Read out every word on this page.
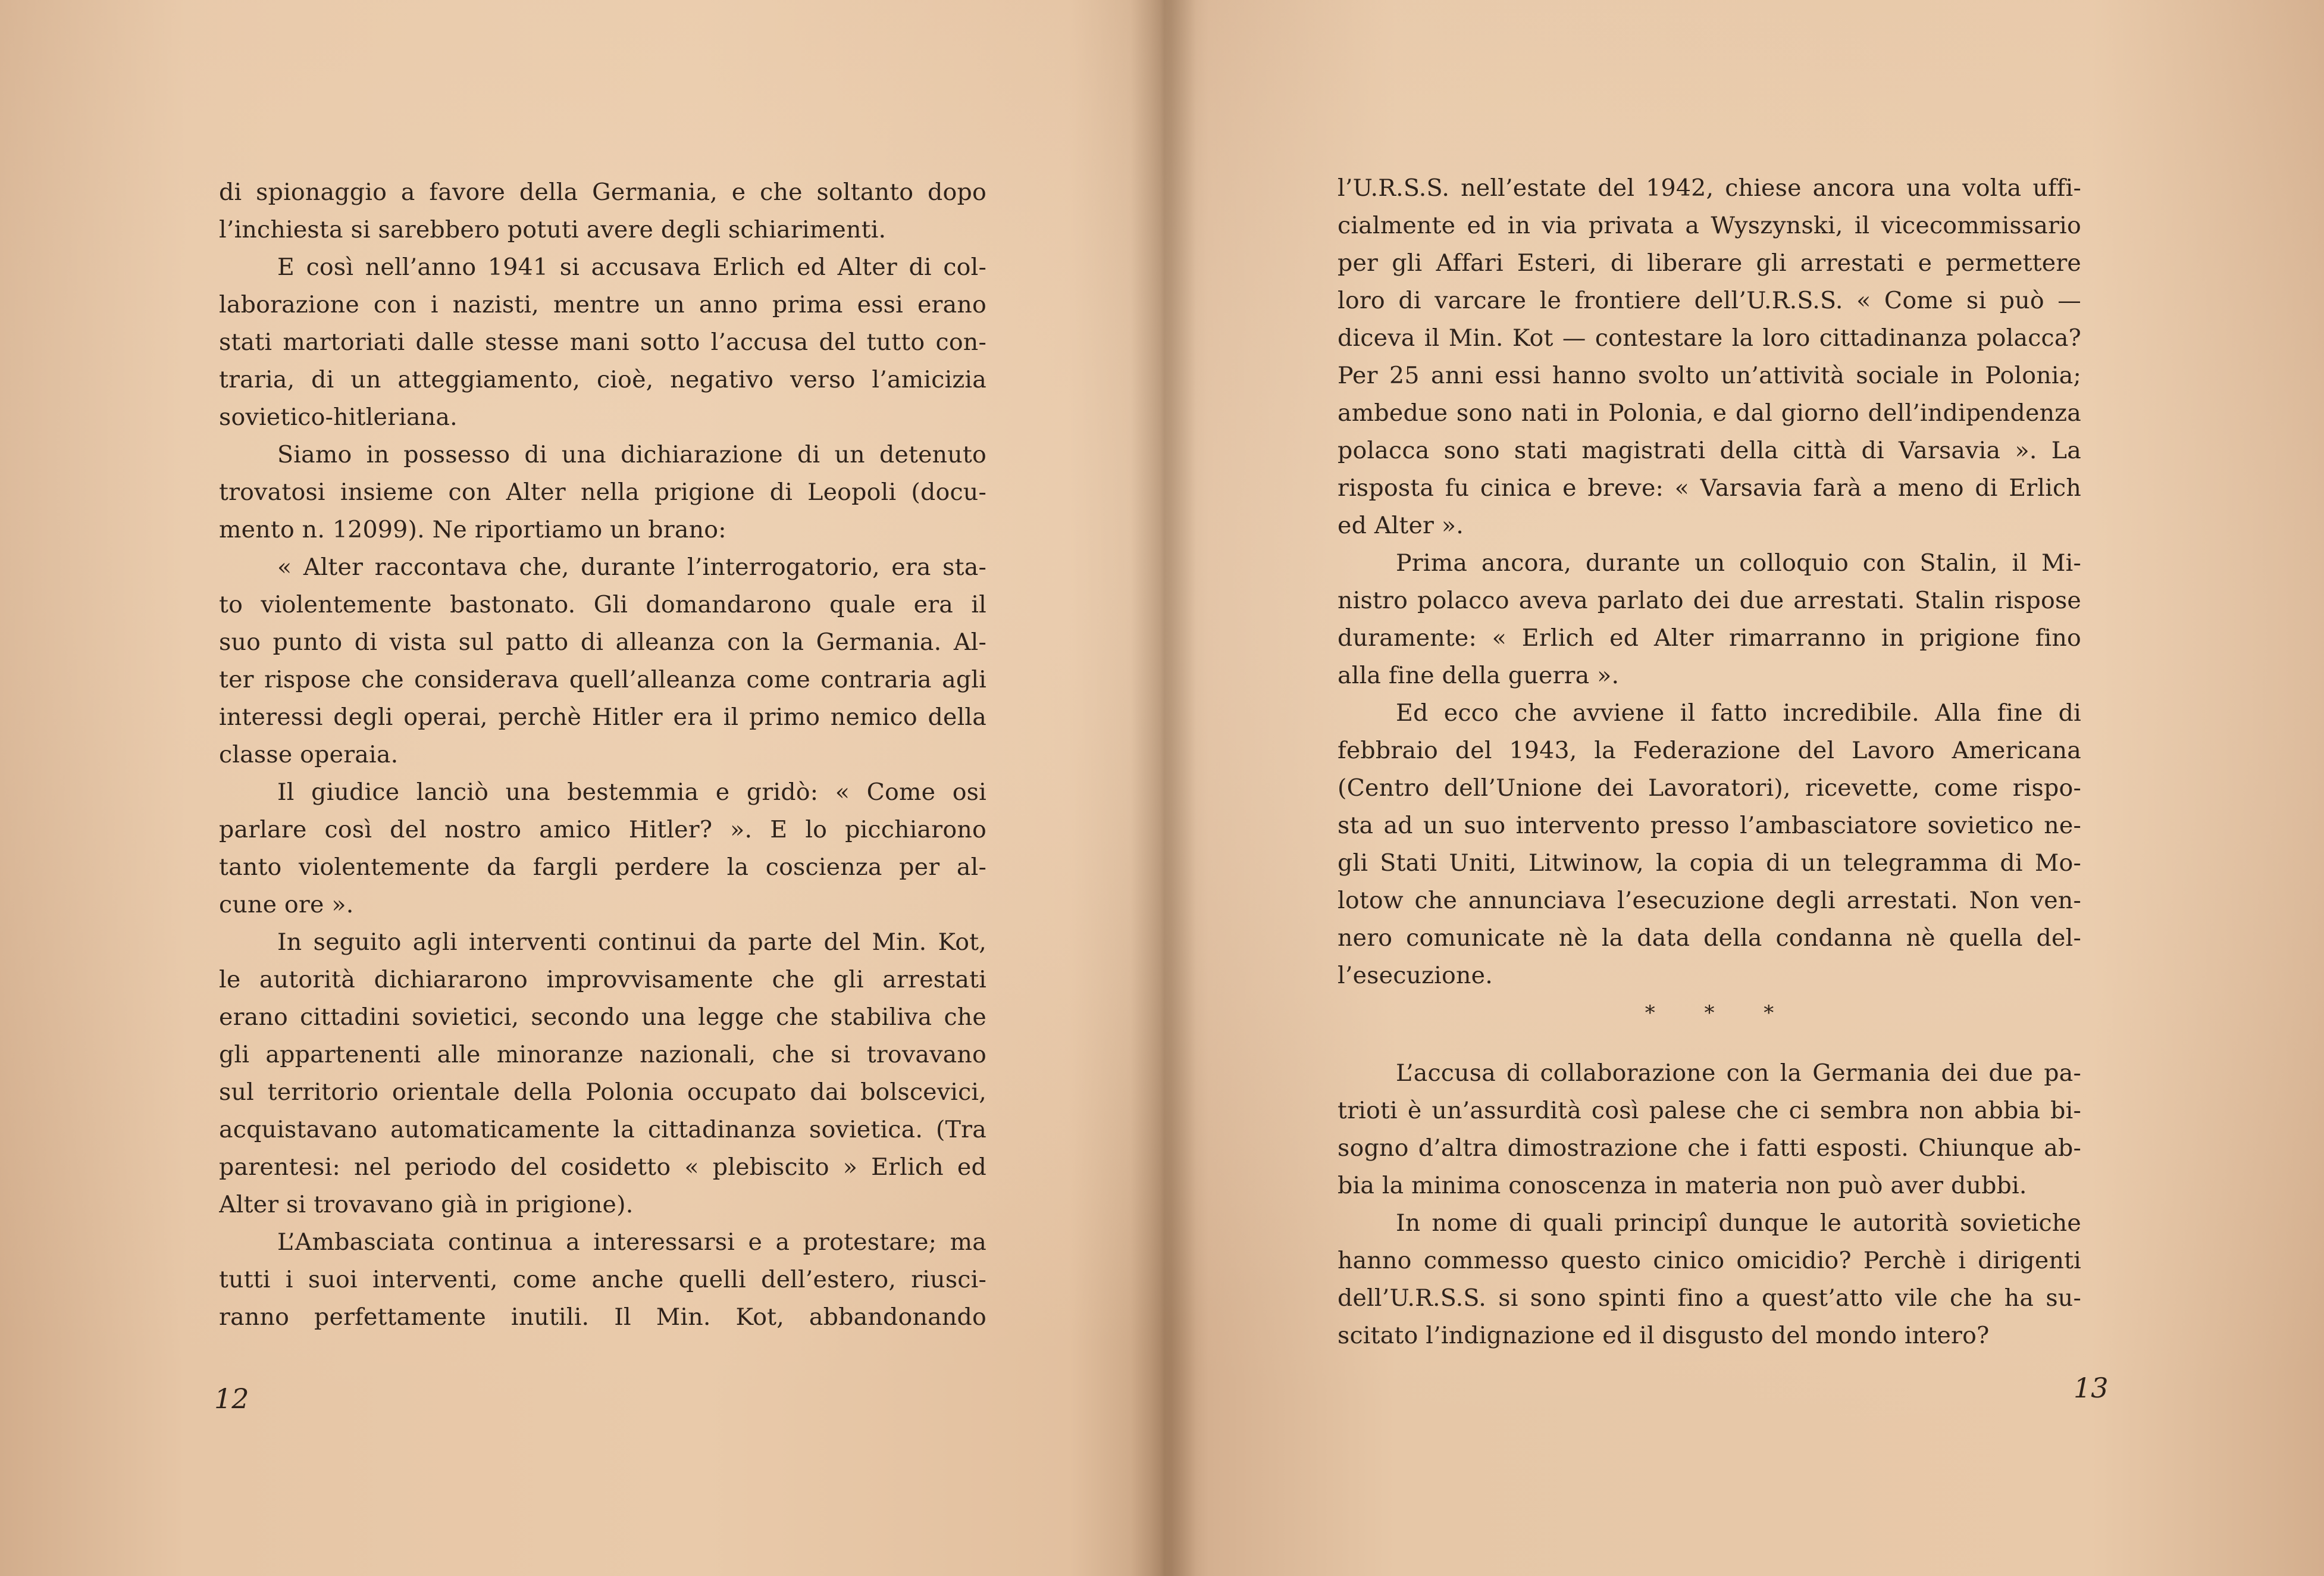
di spionaggio a favore della Germania, e che soltanto dopo
l’inchiesta si sarebbero potuti avere degli schiarimenti.
E così nell’anno 1941 si accusava Erlich ed Alter di col-
laborazione con i nazisti, mentre un anno prima essi erano
stati martoriati dalle stesse mani sotto l’accusa del tutto con-
traria, di un atteggiamento, cioè, negativo verso l’amicizia
sovietico-hitleriana.
Siamo in possesso di una dichiarazione di un detenuto
trovatosi insieme con Alter nella prigione di Leopoli (docu-
mento n. 12099). Ne riportiamo un brano:
« Alter raccontava che, durante l’interrogatorio, era sta-
to violentemente bastonato. Gli domandarono quale era il
suo punto di vista sul patto di alleanza con la Germania. Al-
ter rispose che considerava quell’alleanza come contraria agli
interessi degli operai, perchè Hitler era il primo nemico della
classe operaia.
Il giudice lanciò una bestemmia e gridò: « Come osi
parlare così del nostro amico Hitler? ». E lo picchiarono
tanto violentemente da fargli perdere la coscienza per al-
cune ore ».
In seguito agli interventi continui da parte del Min. Kot,
le autorità dichiararono improvvisamente che gli arrestati
erano cittadini sovietici, secondo una legge che stabiliva che
gli appartenenti alle minoranze nazionali, che si trovavano
sul territorio orientale della Polonia occupato dai bolscevici,
acquistavano automaticamente la cittadinanza sovietica. (Tra
parentesi: nel periodo del cosidetto « plebiscito » Erlich ed
Alter si trovavano già in prigione).
L’Ambasciata continua a interessarsi e a protestare; ma
tutti i suoi interventi, come anche quelli dell’estero, riusci-
ranno perfettamente inutili. Il Min. Kot, abbandonando
12
l’U.R.S.S. nell’estate del 1942, chiese ancora una volta uffi-
cialmente ed in via privata a Wyszynski, il vicecommissario
per gli Affari Esteri, di liberare gli arrestati e permettere
loro di varcare le frontiere dell’U.R.S.S. « Come si può —
diceva il Min. Kot — contestare la loro cittadinanza polacca?
Per 25 anni essi hanno svolto un’attività sociale in Polonia;
ambedue sono nati in Polonia, e dal giorno dell’indipendenza
polacca sono stati magistrati della città di Varsavia ». La
risposta fu cinica e breve: « Varsavia farà a meno di Erlich
ed Alter ».
Prima ancora, durante un colloquio con Stalin, il Mi-
nistro polacco aveva parlato dei due arrestati. Stalin rispose
duramente: « Erlich ed Alter rimarranno in prigione fino
alla fine della guerra ».
Ed ecco che avviene il fatto incredibile. Alla fine di
febbraio del 1943, la Federazione del Lavoro Americana
(Centro dell’Unione dei Lavoratori), ricevette, come rispo-
sta ad un suo intervento presso l’ambasciatore sovietico ne-
gli Stati Uniti, Litwinow, la copia di un telegramma di Mo-
lotow che annunciava l’esecuzione degli arrestati. Non ven-
nero comunicate nè la data della condanna nè quella del-
l’esecuzione.
* * *
L’accusa di collaborazione con la Germania dei due pa-
trioti è un’assurdità così palese che ci sembra non abbia bi-
sogno d’altra dimostrazione che i fatti esposti. Chiunque ab-
bia la minima conoscenza in materia non può aver dubbi.
In nome di quali principî dunque le autorità sovietiche
hanno commesso questo cinico omicidio? Perchè i dirigenti
dell’U.R.S.S. si sono spinti fino a quest’atto vile che ha su-
scitato l’indignazione ed il disgusto del mondo intero?
13
